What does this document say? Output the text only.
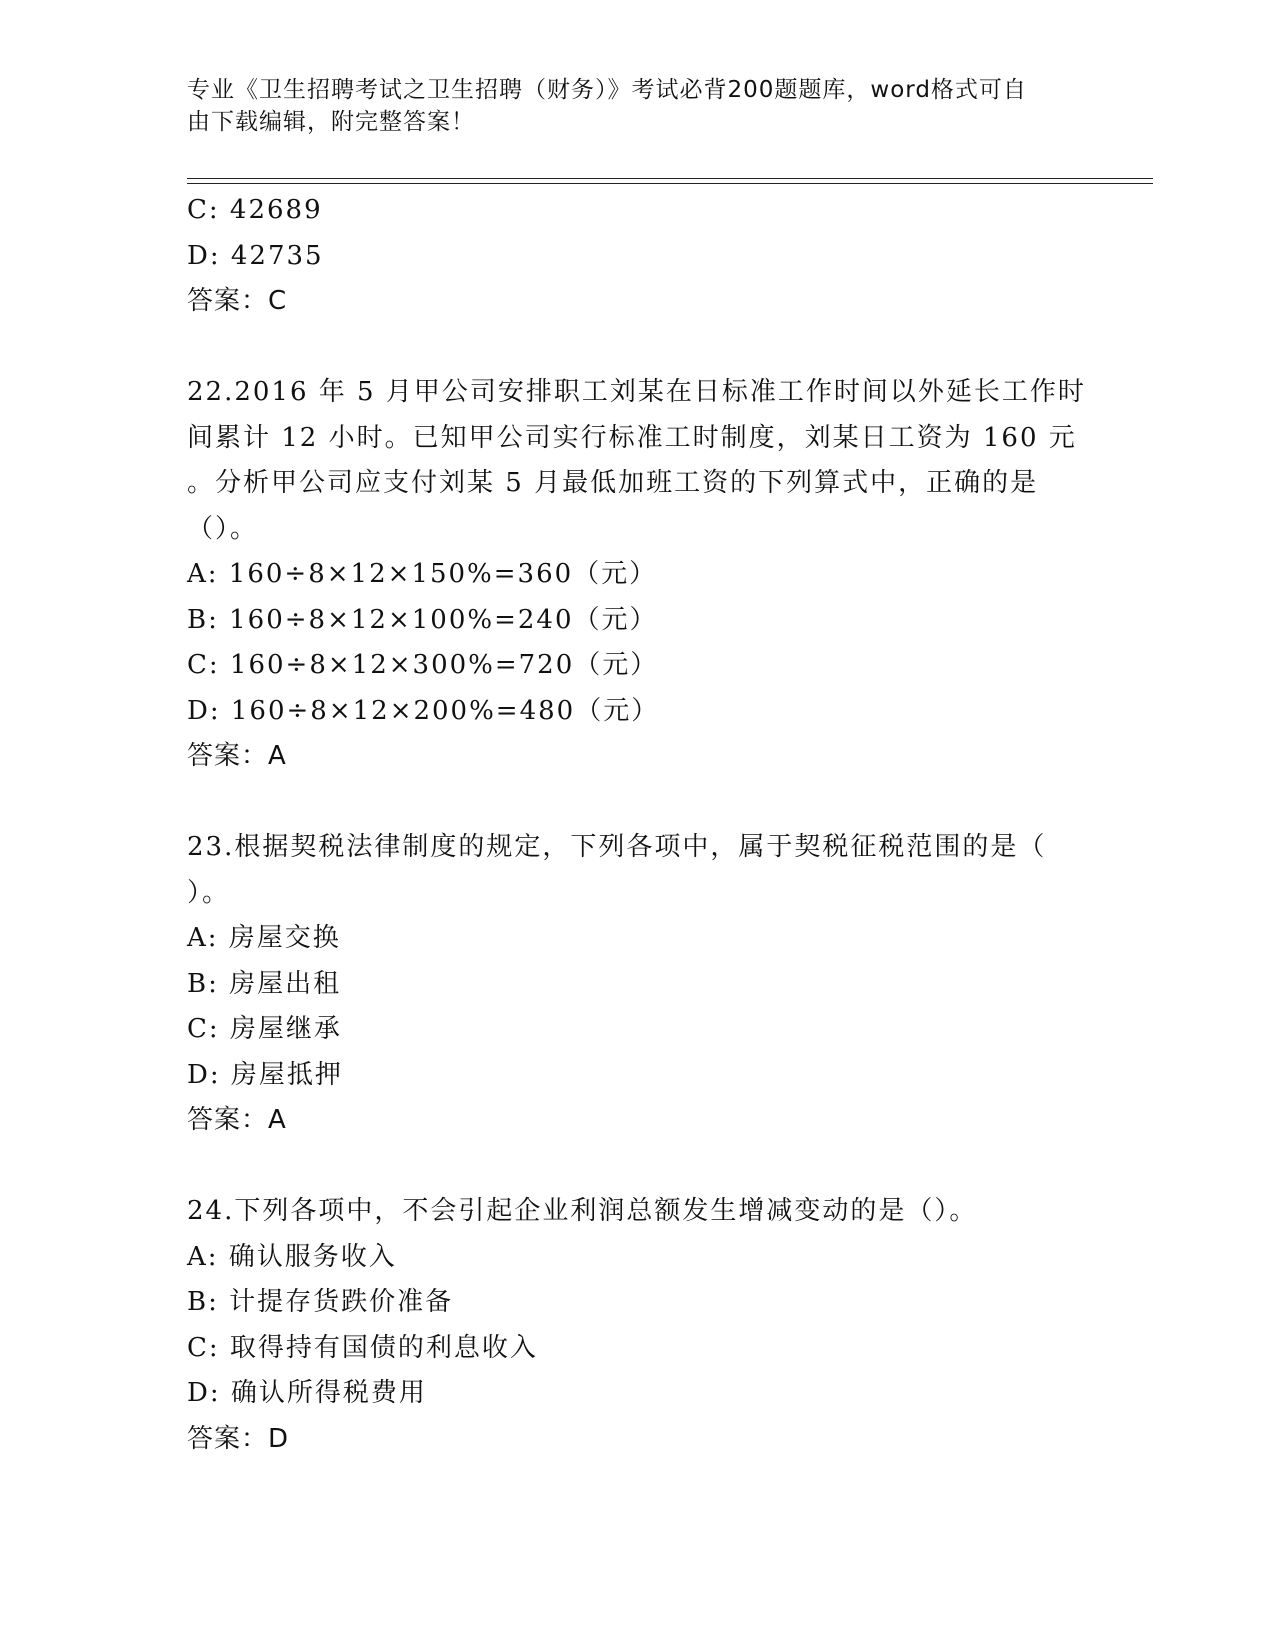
专业《卫生招聘考试之卫生招聘（财务）》考试必背200题题库，word格式可自
由下载编辑，附完整答案！
C: 42689
D: 42735
答案：C
22.2016 年 5 月甲公司安排职工刘某在日标准工作时间以外延长工作时
间累计 12 小时。已知甲公司实行标准工时制度，刘某日工资为 160 元
。分析甲公司应支付刘某 5 月最低加班工资的下列算式中，正确的是
（）。
A: 160÷8×12×150%=360（元）
B: 160÷8×12×100%=240（元）
C: 160÷8×12×300%=720（元）
D: 160÷8×12×200%=480（元）
答案：A
23.根据契税法律制度的规定，下列各项中，属于契税征税范围的是（
）。
A: 房屋交换
B: 房屋出租
C: 房屋继承
D: 房屋抵押
答案：A
24.下列各项中，不会引起企业利润总额发生增减变动的是（）。
A: 确认服务收入
B: 计提存货跌价准备
C: 取得持有国债的利息收入
D: 确认所得税费用
答案：D
